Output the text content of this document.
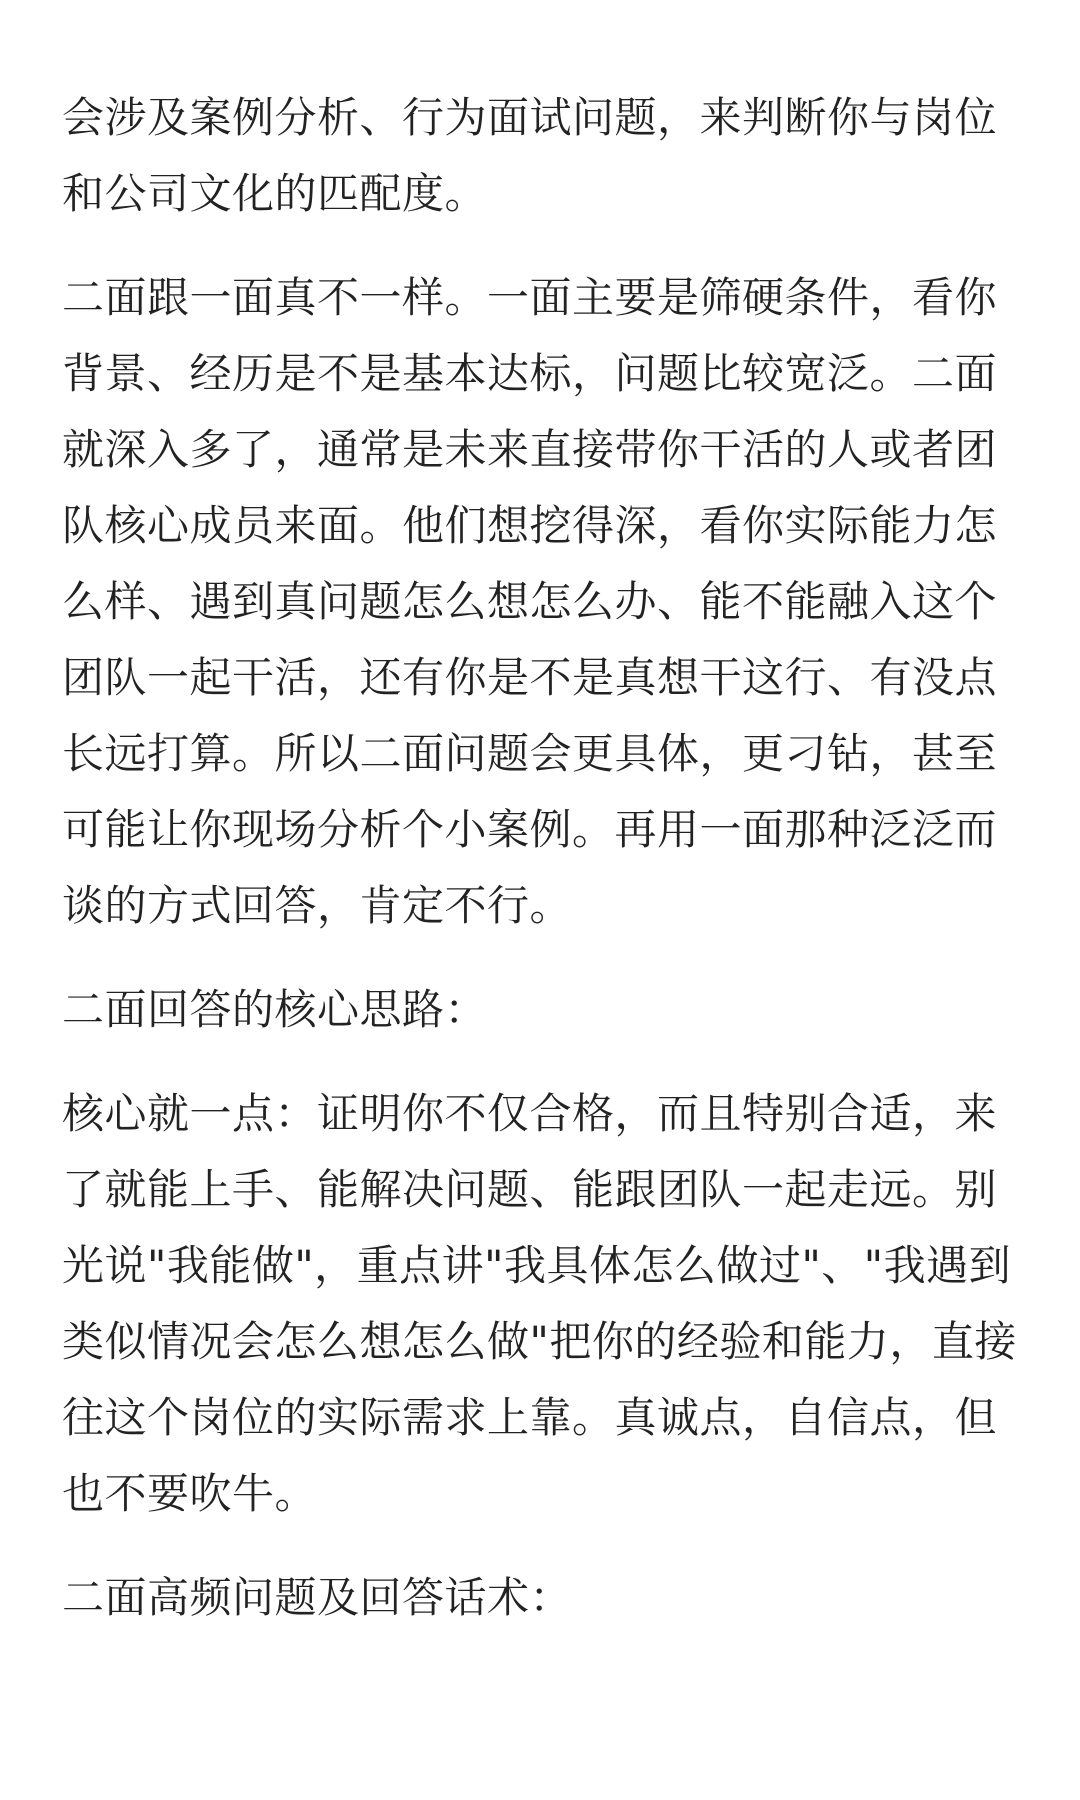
会涉及案例分析、行为面试问题，来判断你与岗位和公司文化的匹配度。

二面跟一面真不一样。一面主要是筛硬条件，看你背景、经历是不是基本达标，问题比较宽泛。二面就深入多了，通常是未来直接带你干活的人或者团队核心成员来面。他们想挖得深，看你实际能力怎么样、遇到真问题怎么想怎么办、能不能融入这个团队一起干活，还有你是不是真想干这行、有没点长远打算。所以二面问题会更具体，更刁钻，甚至可能让你现场分析个小案例。再用一面那种泛泛而谈的方式回答，肯定不行。

二面回答的核心思路：

核心就一点：证明你不仅合格，而且特别合适，来了就能上手、能解决问题、能跟团队一起走远。别光说"我能做"，重点讲"我具体怎么做过"、"我遇到类似情况会怎么想怎么做"把你的经验和能力，直接往这个岗位的实际需求上靠。真诚点，自信点，但也不要吹牛。

二面高频问题及回答话术：
